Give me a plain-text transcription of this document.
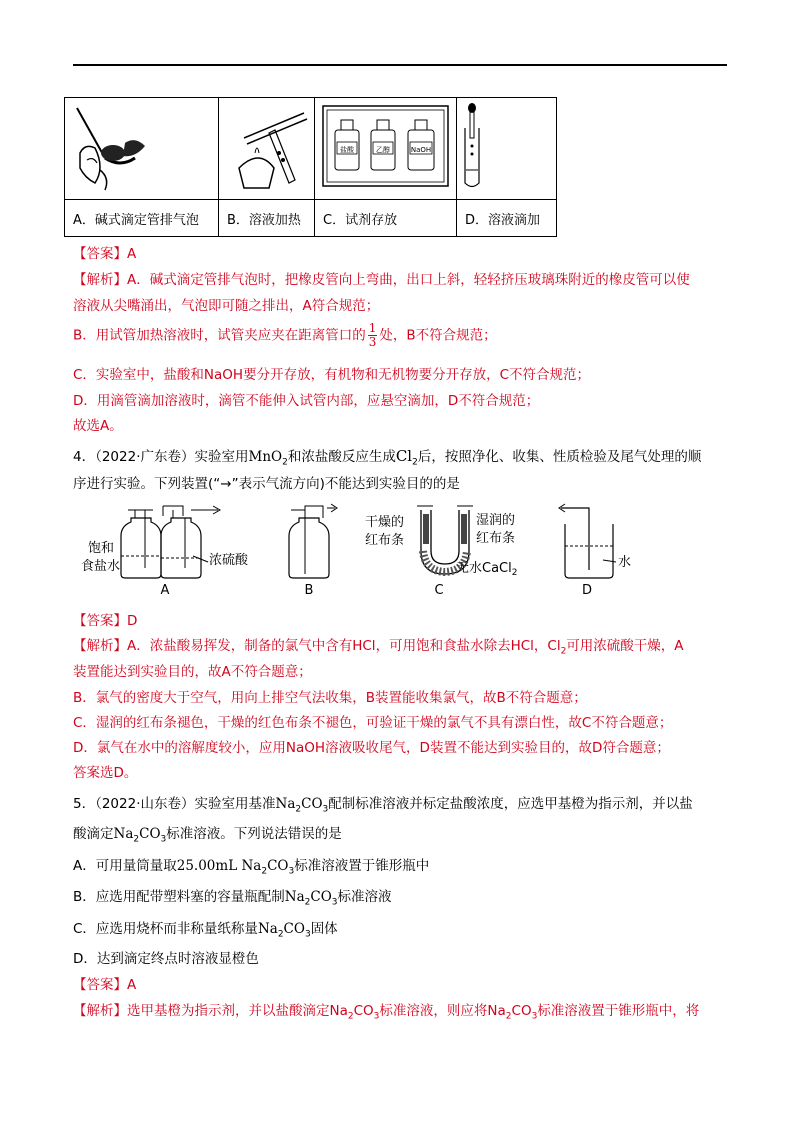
盐酸 乙醇 NaOH

A．碱式滴定管排气泡	B．溶液加热	C．试剂存放	D．溶液滴加
【答案】A
【解析】A．碱式滴定管排气泡时，把橡皮管向上弯曲，出口上斜，轻轻挤压玻璃珠附近的橡皮管可以使
溶液从尖嘴涌出，气泡即可随之排出，A符合规范；
B．用试管加热溶液时，试管夹应夹在距离管口的 $\frac{1}{3}$ 处，B不符合规范；
C．实验室中，盐酸和NaOH要分开存放，有机物和无机物要分开存放，C不符合规范；
D．用滴管滴加溶液时，滴管不能伸入试管内部，应悬空滴加，D不符合规范；
故选A。
4．（2022·广东卷）实验室用MnO$_2$和浓盐酸反应生成$Cl_2$后，按照净化、收集、性质检验及尾气处理的顺
序进行实验。下列装置(“→”表示气流方向)不能达到实验目的的是
饱和
食盐水	浓硫酸
A	B
干燥的
红布条
湿润的
红布条
无水CaCl$_2$
C
水
D
【答案】D
【解析】A．浓盐酸易挥发，制备的氯气中含有HCl，可用饱和食盐水除去HCl，$Cl_2$可用浓硫酸干燥，A
装置能达到实验目的，故A不符合题意；
B．氯气的密度大于空气，用向上排空气法收集，B装置能收集氯气，故B不符合题意；
C．湿润的红布条褪色，干燥的红色布条不褪色，可验证干燥的氯气不具有漂白性，故C不符合题意；
D．氯气在水中的溶解度较小，应用NaOH溶液吸收尾气，D装置不能达到实验目的，故D符合题意；
答案选D。
5．（2022·山东卷）实验室用基准$Na_2CO_3$配制标准溶液并标定盐酸浓度，应选甲基橙为指示剂，并以盐
酸滴定$Na_2CO_3$标准溶液。下列说法错误的是
A．可用量筒量取25.00mL $Na_2CO_3$标准溶液置于锥形瓶中
B．应选用配带塑料塞的容量瓶配制$Na_2CO_3$标准溶液
C．应选用烧杯而非称量纸称量$Na_2CO_3$固体
D．达到滴定终点时溶液显橙色
【答案】A
【解析】选甲基橙为指示剂，并以盐酸滴定$Na_2CO_3$标准溶液，则应将$Na_2CO_3$标准溶液置于锥形瓶中，将
